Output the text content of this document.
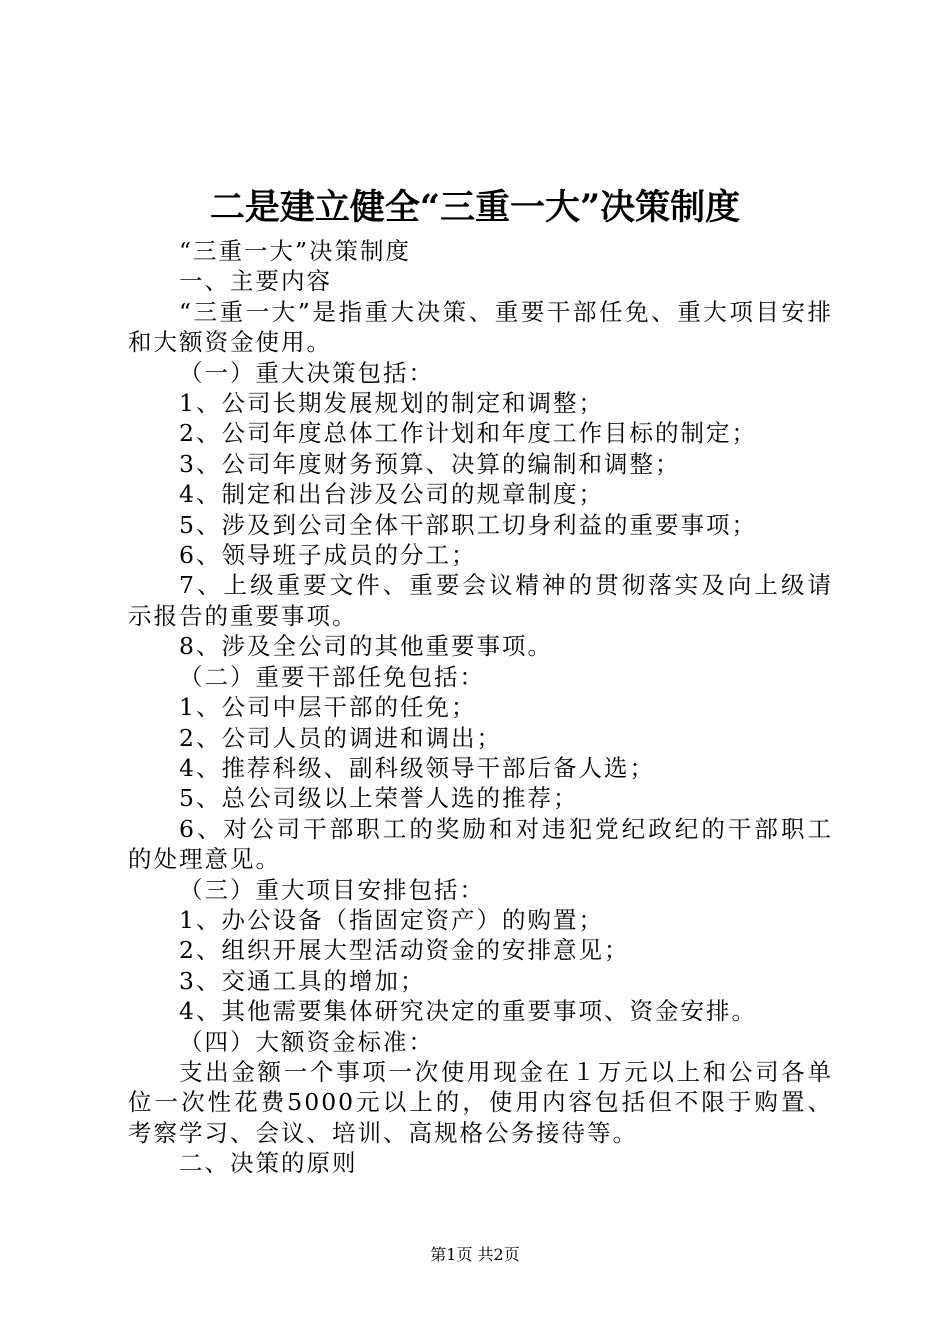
二是建立健全“三重一大”决策制度

“三重一大”决策制度

一、主要内容

“三重一大”是指重大决策、重要干部任免、重大项目安排和大额资金使用。

（一）重大决策包括：

1、公司长期发展规划的制定和调整；

2、公司年度总体工作计划和年度工作目标的制定；

3、公司年度财务预算、决算的编制和调整；

4、制定和出台涉及公司的规章制度；

5、涉及到公司全体干部职工切身利益的重要事项；

6、领导班子成员的分工；

7、上级重要文件、重要会议精神的贯彻落实及向上级请示报告的重要事项。

8、涉及全公司的其他重要事项。

（二）重要干部任免包括：

1、公司中层干部的任免；

2、公司人员的调进和调出；

4、推荐科级、副科级领导干部后备人选；

5、总公司级以上荣誉人选的推荐；

6、对公司干部职工的奖励和对违犯党纪政纪的干部职工的处理意见。

（三）重大项目安排包括：

1、办公设备（指固定资产）的购置；

2、组织开展大型活动资金的安排意见；

3、交通工具的增加；

4、其他需要集体研究决定的重要事项、资金安排。

（四）大额资金标准：

支出金额一个事项一次使用现金在１万元以上和公司各单位一次性花费5000元以上的，使用内容包括但不限于购置、考察学习、会议、培训、高规格公务接待等。

二、决策的原则

第1页 共2页
